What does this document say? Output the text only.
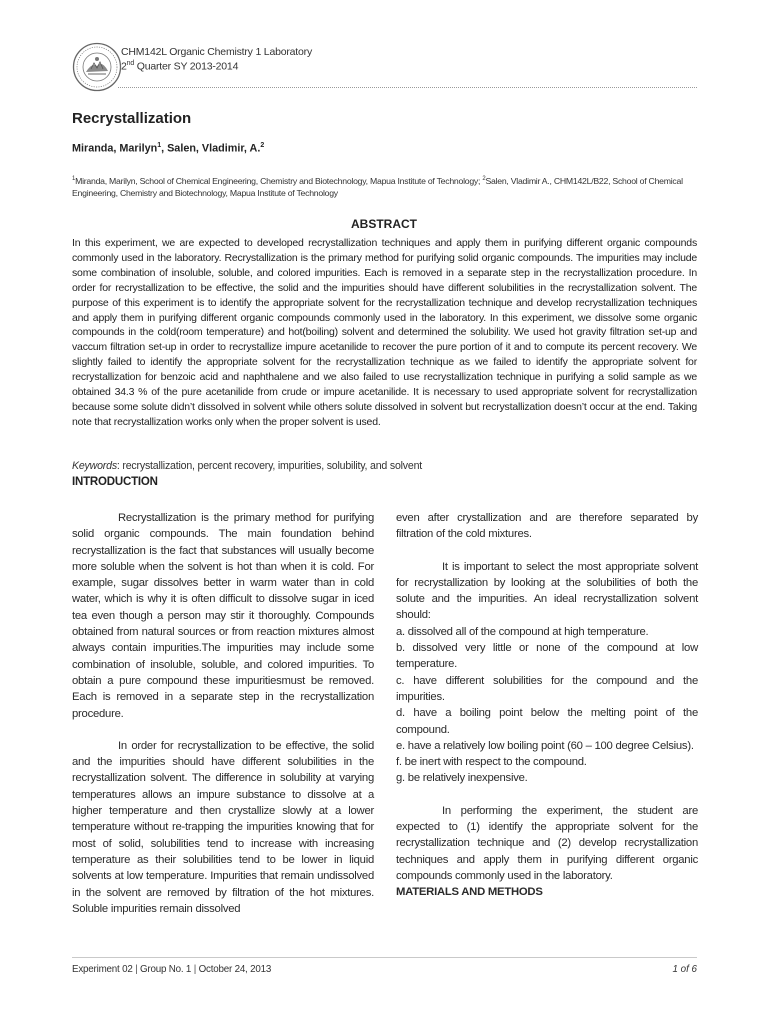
CHM142L Organic Chemistry 1 Laboratory
2nd Quarter SY 2013-2014
Recrystallization
Miranda, Marilyn$^1$, Salen, Vladimir, A.$^2$
$^1$Miranda, Marilyn, School of Chemical Engineering, Chemistry and Biotechnology, Mapua Institute of Technology; $^2$Salen, Vladimir A., CHM142L/B22, School of Chemical Engineering, Chemistry and Biotechnology, Mapua Institute of Technology
ABSTRACT
In this experiment, we are expected to developed recrystallization techniques and apply them in purifying different organic compounds commonly used in the laboratory. Recrystallization is the primary method for purifying solid organic compounds. The impurities may include some combination of insoluble, soluble, and colored impurities. Each is removed in a separate step in the recrystallization procedure. In order for recrystallization to be effective, the solid and the impurities should have different solubilities in the recrystallization solvent. The purpose of this experiment is to identify the appropriate solvent for the recrystallization technique and develop recrystallization techniques and apply them in purifying different organic compounds commonly used in the laboratory. In this experiment, we dissolve some organic compounds in the cold(room temperature) and hot(boiling) solvent and determined the solubility. We used hot gravity filtration set-up and vaccum filtration set-up in order to recrystallize impure acetanilide to recover the pure portion of it and to compute its percent recovery. We slightly failed to identify the appropriate solvent for the recrystallization technique as we failed to identify the appropriate solvent for recrystallization for benzoic acid and naphthalene and we also failed to use recrystallization technique in purifying a solid sample as we obtained 34.3 % of the pure acetanilide from crude or impure acetanilide. It is necessary to used appropriate solvent for recrystallization because some solute didn’t dissolved in solvent while others solute dissolved in solvent but recrystallization doesn’t occur at the end. Taking note that recrystallization works only when the proper solvent is used.
Keywords: recrystallization, percent recovery, impurities, solubility, and solvent
INTRODUCTION

Recrystallization is the primary method for purifying solid organic compounds. The main foundation behind recrystallization is the fact that substances will usually become more soluble when the solvent is hot than when it is cold. For example, sugar dissolves better in warm water than in cold water, which is why it is often difficult to dissolve sugar in iced tea even though a person may stir it thoroughly. Compounds obtained from natural sources or from reaction mixtures almost always contain impurities.The impurities may include some combination of insoluble, soluble, and colored impurities. To obtain a pure compound these impuritiesmust be removed. Each is removed in a separate step in the recrystallization procedure.

In order for recrystallization to be effective, the solid and the impurities should have different solubilities in the recrystallization solvent. The difference in solubility at varying temperatures allows an impure substance to dissolve at a higher temperature and then crystallize slowly at a lower temperature without re-trapping the impurities knowing that for most of solid, solubilities tend to increase with increasing temperature as their solubilities tend to be lower in liquid solvents at low temperature. Impurities that remain undissolved in the solvent are removed by filtration of the hot mixtures. Soluble impurities remain dissolved

even after crystallization and are therefore separated by filtration of the cold mixtures.

It is important to select the most appropriate solvent for recrystallization by looking at the solubilities of both the solute and the impurities. An ideal recrystallization solvent should:

a. dissolved all of the compound at high temperature.

b. dissolved very little or none of the compound at low temperature.

c. have different solubilities for the compound and the impurities.

d. have a boiling point below the melting point of the compound.

e. have a relatively low boiling point (60 – 100 degree Celsius).

f. be inert with respect to the compound.

g. be relatively inexpensive.

In performing the experiment, the student are expected to (1) identify the appropriate solvent for the recrystallization technique and (2) develop recrystallization techniques and apply them in purifying different organic compounds commonly used in the laboratory.

MATERIALS AND METHODS

Experiment 02 | Group No. 1 | October 24, 2013	1 of 6
